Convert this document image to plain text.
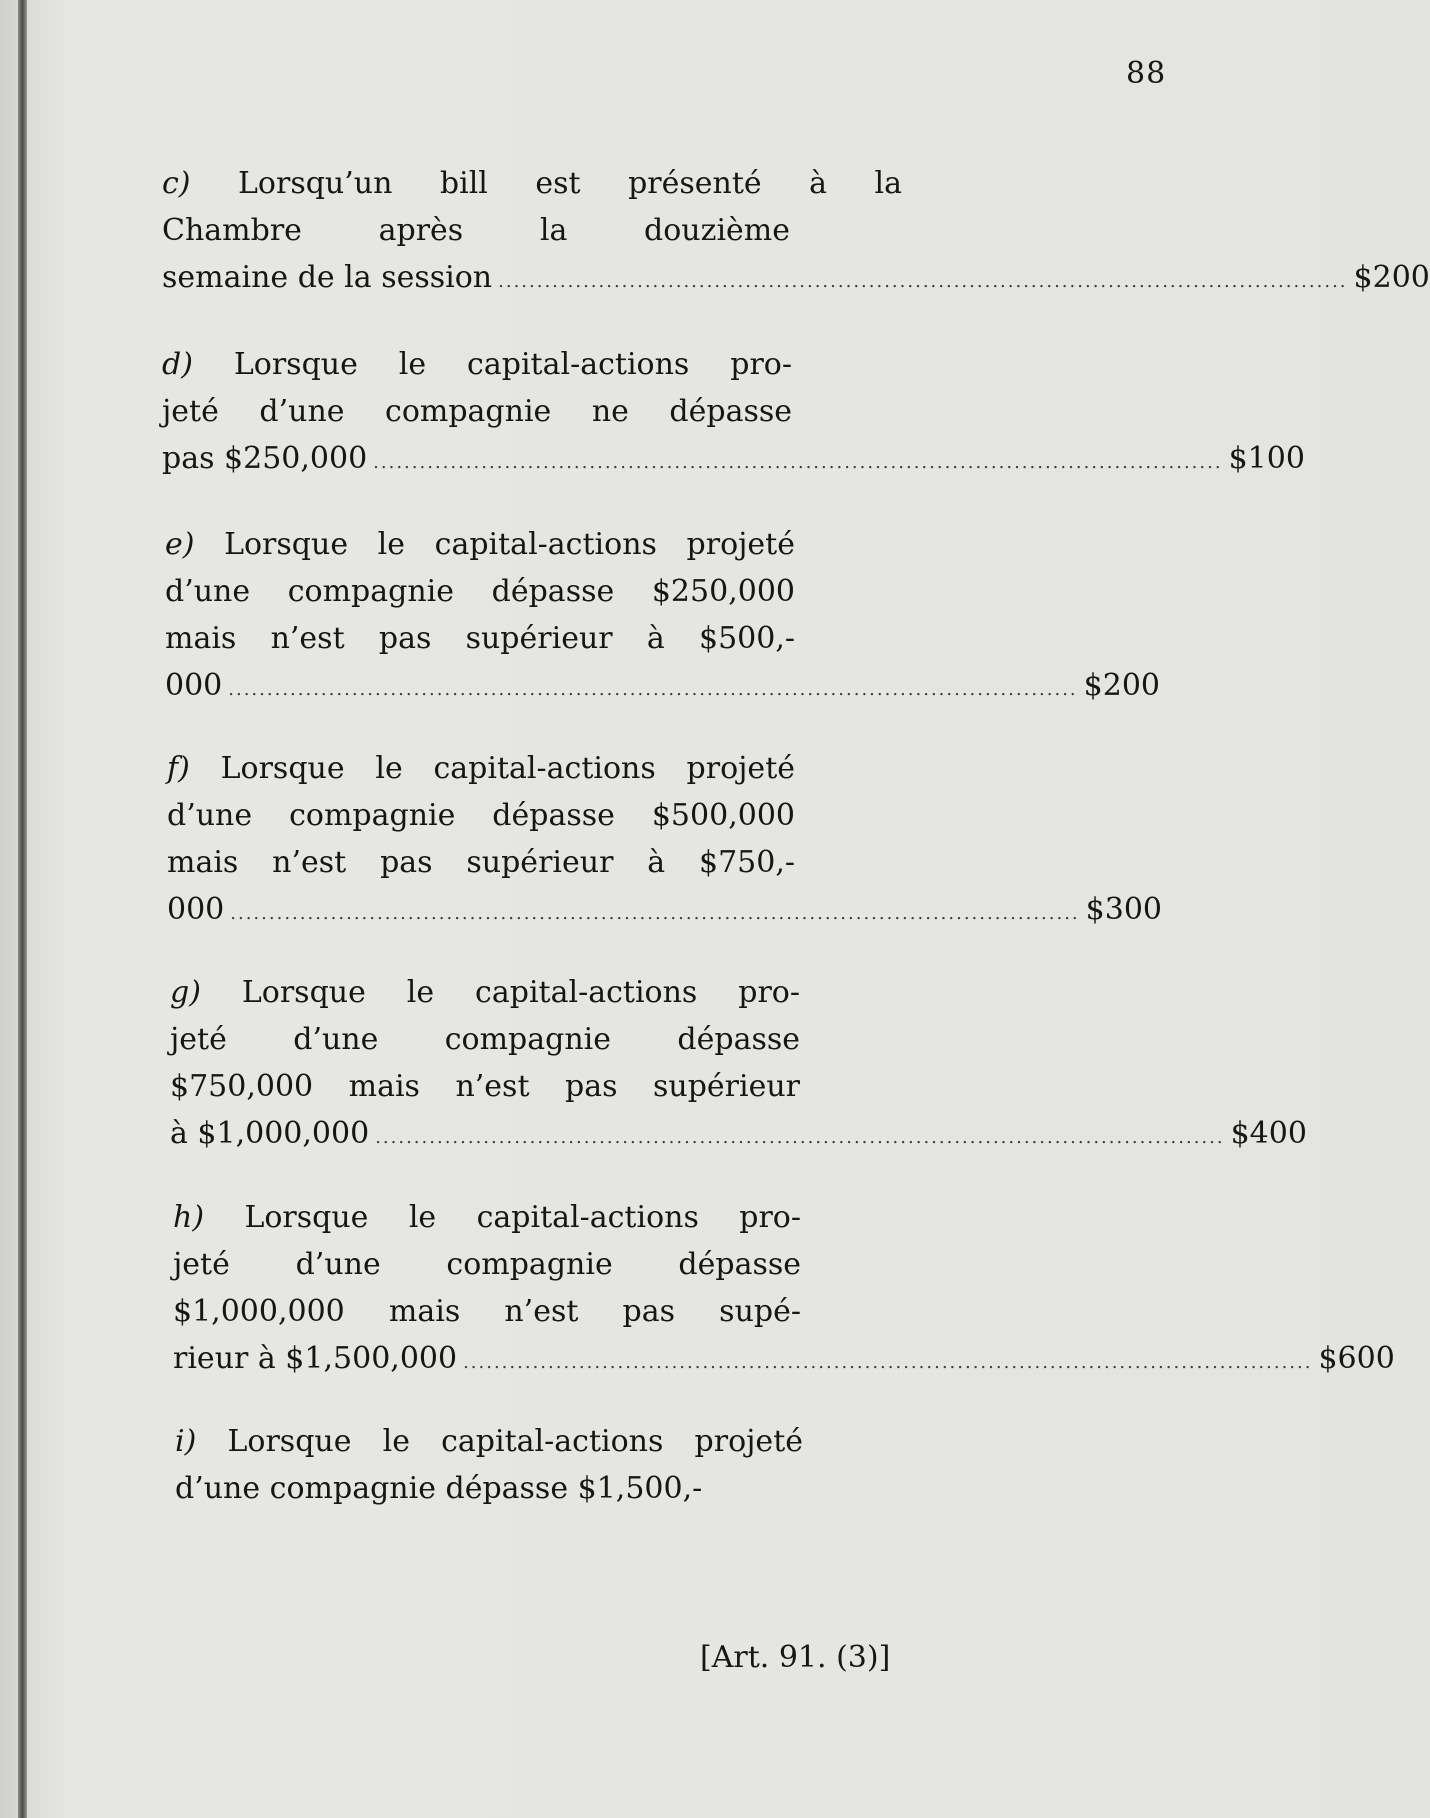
88
c) Lorsqu’un bill est présenté à la
Chambre après la douzième
semaine de la session .............................................................................................................. $200
d) Lorsque le capital-actions pro-
jeté d’une compagnie ne dépasse
pas $250,000 .............................................................................................................. $100
e) Lorsque le capital-actions projeté
d’une compagnie dépasse $250,000
mais n’est pas supérieur à $500,-
000 .............................................................................................................. $200
f) Lorsque le capital-actions projeté
d’une compagnie dépasse $500,000
mais n’est pas supérieur à $750,-
000 .............................................................................................................. $300
g) Lorsque le capital-actions pro-
jeté d’une compagnie dépasse
$750,000 mais n’est pas supérieur
à $1,000,000 .............................................................................................................. $400
h) Lorsque le capital-actions pro-
jeté d’une compagnie dépasse
$1,000,000 mais n’est pas supé-
rieur à $1,500,000 .............................................................................................................. $600
i) Lorsque le capital-actions projeté
d’une compagnie dépasse $1,500,-
[Art. 91. (3)]
